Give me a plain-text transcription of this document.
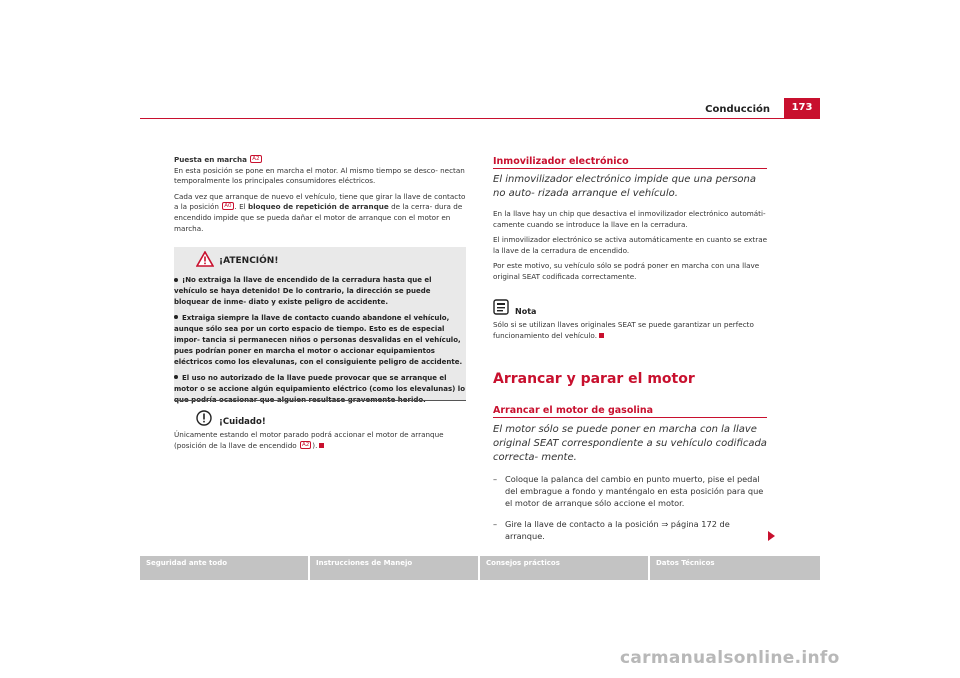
Conducción	173

Puesta en marcha A2
En esta posición se pone en marcha el motor. Al mismo tiempo se desco- nectan temporalmente los principales consumidores eléctricos.

Cada vez que arranque de nuevo el vehículo, tiene que girar la llave de contacto a la posición A0 . El bloqueo de repetición de arranque de la cerra- dura de encendido impide que se pueda dañar el motor de arranque con el motor en marcha.

¡ATENCIÓN!

¡No extraiga la llave de encendido de la cerradura hasta que el vehículo se haya detenido! De lo contrario, la dirección se puede bloquear de inme- diato y existe peligro de accidente.

Extraiga siempre la llave de contacto cuando abandone el vehículo, aunque sólo sea por un corto espacio de tiempo. Esto es de especial impor- tancia si permanecen niños o personas desvalidas en el vehículo, pues podrían poner en marcha el motor o accionar equipamientos eléctricos como los elevalunas, con el consiguiente peligro de accidente.

El uso no autorizado de la llave puede provocar que se arranque el motor o se accione algún equipamiento eléctrico (como los elevalunas) lo

¡Cuidado!
Únicamente estando el motor parado podrá accionar el motor de arranque (posición de la llave de encendido A2 ).
Inmovilizador electrónico
El inmovilizador electrónico impide que una persona no auto- rizada arranque el vehículo.

En la llave hay un chip que desactiva el inmovilizador electrónico automáti- camente cuando se introduce la llave en la cerradura.

El inmovilizador electrónico se activa automáticamente en cuanto se extrae la llave de la cerradura de encendido.

Por este motivo, su vehículo sólo se podrá poner en marcha con una llave original SEAT codificada correctamente.

Nota
Sólo si se utilizan llaves originales SEAT se puede garantizar un perfecto funcionamiento del vehículo.
Arrancar y parar el motor
Arrancar el motor de gasolina
El motor sólo se puede poner en marcha con la llave original SEAT correspondiente a su vehículo codificada correcta- mente.
– Coloque la palanca del cambio en punto muerto, pise el pedal del embrague a fondo y manténgalo en esta posición para que el motor de arranque sólo accione el motor.
– Gire la llave de contacto a la posición ⇒ página 172 de arranque.
Seguridad ante todo	Instrucciones de Manejo	Consejos prácticos	Datos Técnicos
carmanualsonline.info
